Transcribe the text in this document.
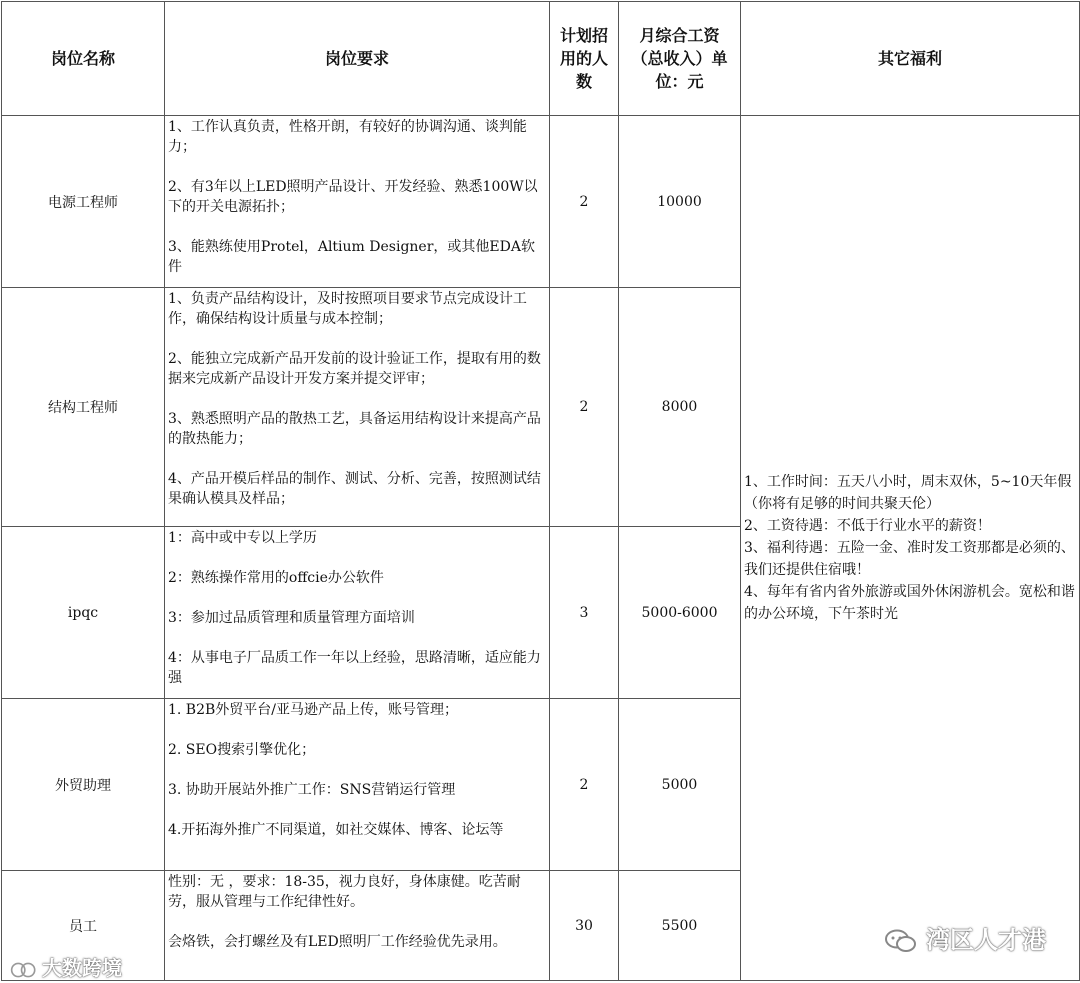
岗位名称	岗位要求	计划招用的人数	月综合工资（总收入）单位：元	其它福利
电源工程师	1、工作认真负责，性格开朗，有较好的协调沟通、谈判能力；

2、有3年以上LED照明产品设计、开发经验、熟悉100W以下的开关电源拓扑；

3、能熟练使用Protel，Altium Designer，或其他EDA软件	2	10000	1、工作时间：五天八小时，周末双休，5~10天年假（你将有足够的时间共聚天伦）
2、工资待遇：不低于行业水平的薪资！
3、福利待遇：五险一金、准时发工资那都是必须的、我们还提供住宿哦！
4、每年有省内省外旅游或国外休闲游机会。宽松和谐的办公环境，下午茶时光
结构工程师	1、负责产品结构设计，及时按照项目要求节点完成设计工作，确保结构设计质量与成本控制；

2、能独立完成新产品开发前的设计验证工作，提取有用的数据来完成新产品设计开发方案并提交评审；

3、熟悉照明产品的散热工艺，具备运用结构设计来提高产品的散热能力；

4、产品开模后样品的制作、测试、分析、完善，按照测试结果确认模具及样品；	2	8000	
ipqc	1：高中或中专以上学历

2：熟练操作常用的offcie办公软件

3：参加过品质管理和质量管理方面培训

4：从事电子厂品质工作一年以上经验，思路清晰，适应能力强	3	5000-6000	
外贸助理	1. B2B外贸平台/亚马逊产品上传，账号管理；

2. SEO搜索引擎优化；

3. 协助开展站外推广工作：SNS营销运行管理

4.开拓海外推广不同渠道，如社交媒体、博客、论坛等	2	5000	
员工	性别：无 ，要求：18-35，视力良好，身体康健。吃苦耐劳，服从管理与工作纪律性好。

会烙铁，会打螺丝及有LED照明厂工作经验优先录用。	30	5500	
湾区人才港
大数跨境
